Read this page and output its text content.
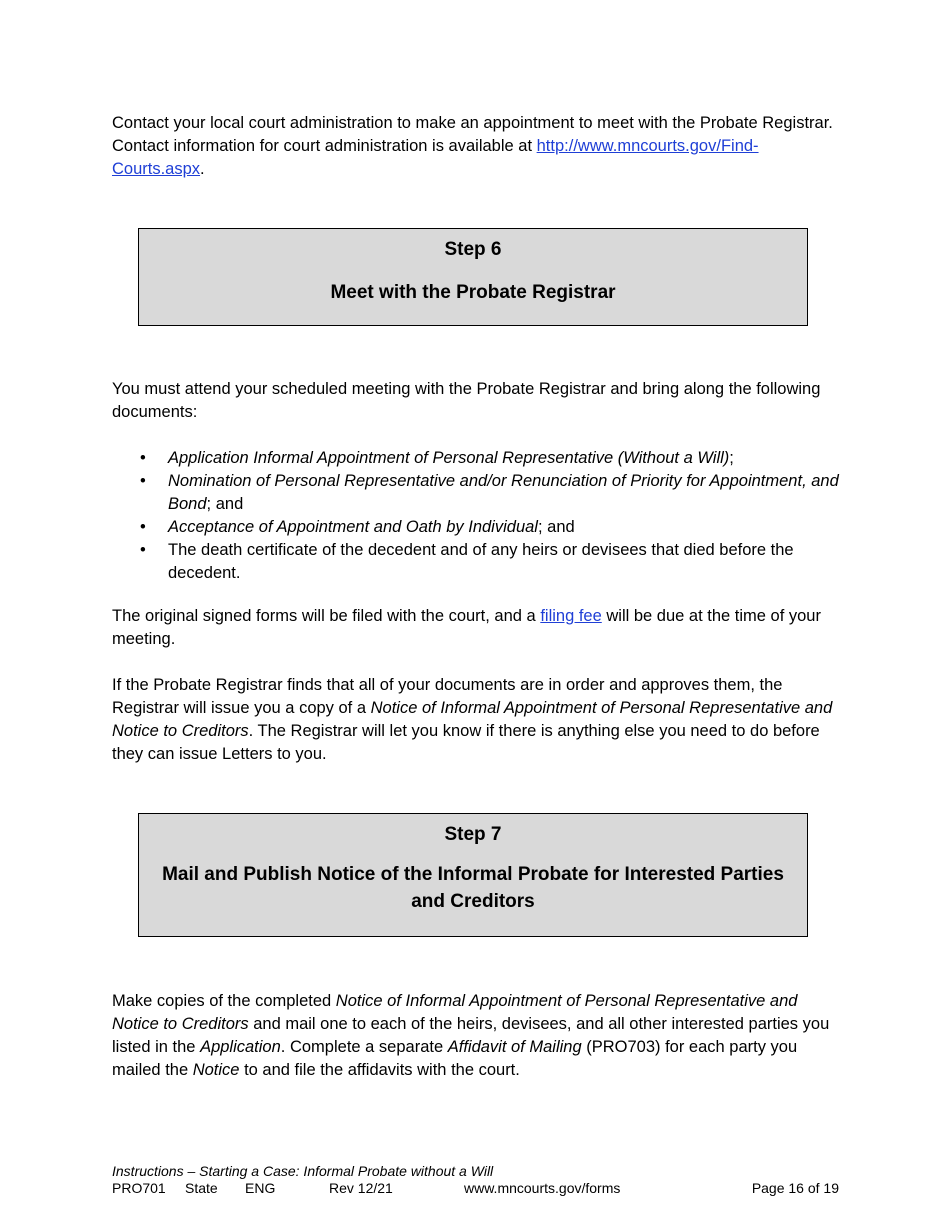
Contact your local court administration to make an appointment to meet with the Probate Registrar. Contact information for court administration is available at http://www.mncourts.gov/Find-Courts.aspx.

Step 6
Meet with the Probate Registrar

You must attend your scheduled meeting with the Probate Registrar and bring along the following documents:

• Application Informal Appointment of Personal Representative (Without a Will);
• Nomination of Personal Representative and/or Renunciation of Priority for Appointment, and Bond; and
• Acceptance of Appointment and Oath by Individual; and
• The death certificate of the decedent and of any heirs or devisees that died before the decedent.

The original signed forms will be filed with the court, and a filing fee will be due at the time of your meeting.

If the Probate Registrar finds that all of your documents are in order and approves them, the Registrar will issue you a copy of a Notice of Informal Appointment of Personal Representative and Notice to Creditors. The Registrar will let you know if there is anything else you need to do before they can issue Letters to you.

Step 7
Mail and Publish Notice of the Informal Probate for Interested Parties and Creditors

Make copies of the completed Notice of Informal Appointment of Personal Representative and Notice to Creditors and mail one to each of the heirs, devisees, and all other interested parties you listed in the Application. Complete a separate Affidavit of Mailing (PRO703) for each party you mailed the Notice to and file the affidavits with the court.

Instructions – Starting a Case: Informal Probate without a Will
PRO701 State ENG	Rev 12/21	www.mncourts.gov/forms	Page 16 of 19
